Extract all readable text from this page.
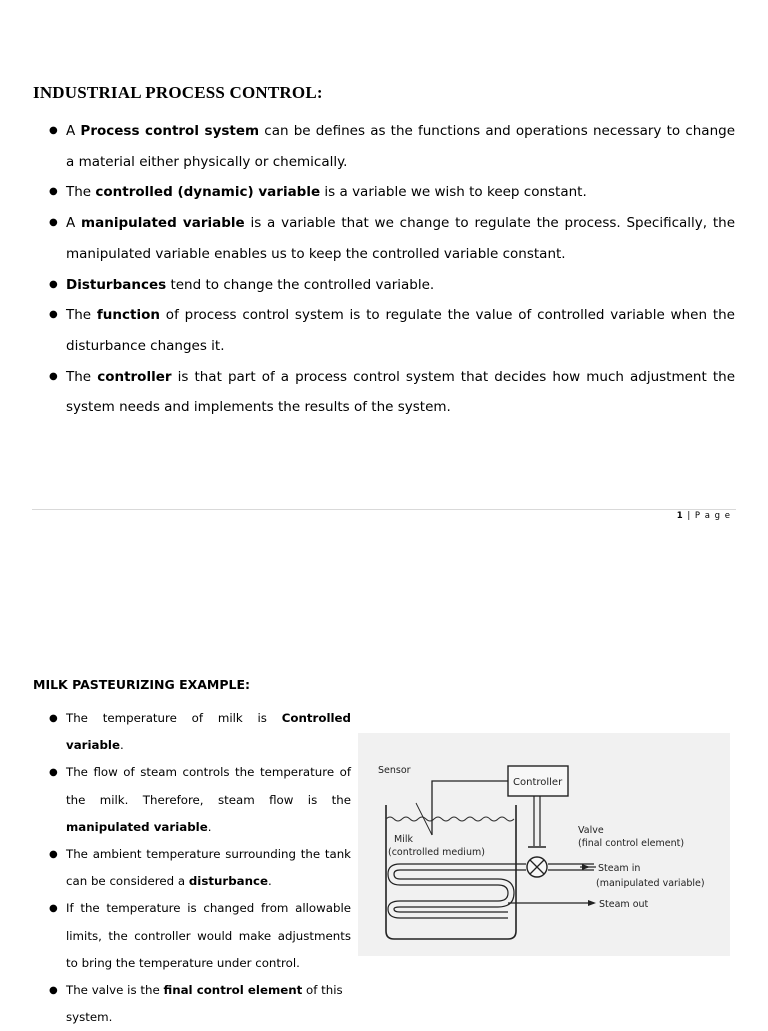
INDUSTRIAL PROCESS CONTROL:
● A Process control system can be defines as the functions and operations necessary to change a material either physically or chemically.
● The controlled (dynamic) variable is a variable we wish to keep constant.
● A manipulated variable is a variable that we change to regulate the process. Specifically, the manipulated variable enables us to keep the controlled variable constant.
● Disturbances tend to change the controlled variable.
● The function of process control system is to regulate the value of controlled variable when the disturbance changes it.
● The controller is that part of a process control system that decides how much adjustment the system needs and implements the results of the system.
1 | P a g e
MILK PASTEURIZING EXAMPLE:
● The temperature of milk is Controlled variable.
● The flow of steam controls the temperature of the milk. Therefore, steam flow is the manipulated variable.
● The ambient temperature surrounding the tank can be considered a disturbance.
● If the temperature is changed from allowable limits, the controller would make adjustments to bring the temperature under control.
● The valve is the final control element of this system.
Controller
Sensor
Milk
(controlled medium)
Valve
(final control element)
Steam in
(manipulated variable)
Steam out
